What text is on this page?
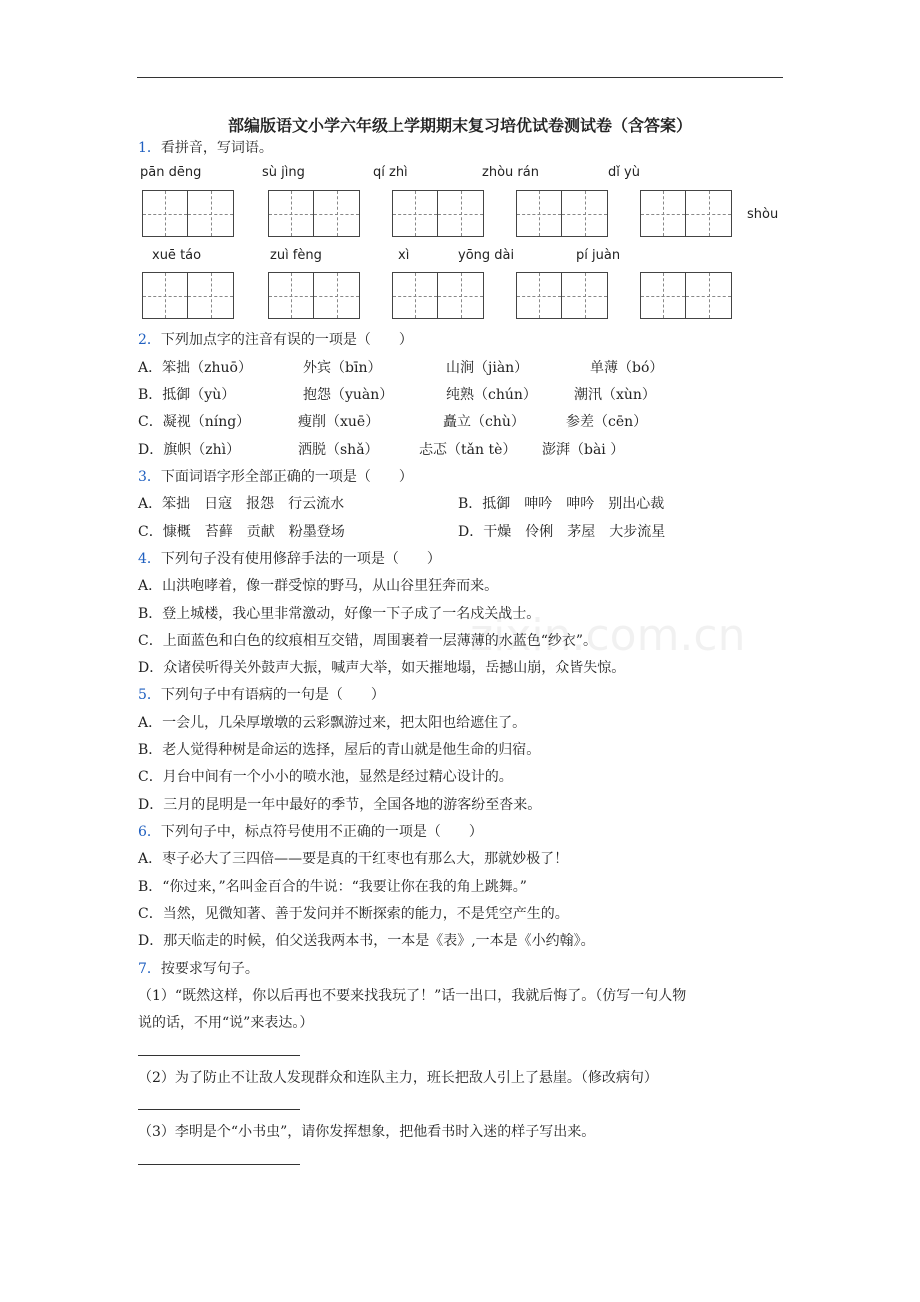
部编版语文小学六年级上学期期末复习培优试卷测试卷（含答案）
zixin.com.cn
1．看拼音，写词语。
pān dēng	sù jìng	qí zhì	zhòu rán	dǐ yù
shòu
xuē táo	zuì fèng	xì	yōng dài	pí juàn
2．下列加点字的注音有误的一项是（　　）
A．笨拙（zhuō）	外宾（bīn）	山涧（jiàn）	单薄（bó）
B．抵御（yù）	抱怨（yuàn）	纯熟（chún）	潮汛（xùn）
C．凝视（níng）	瘦削（xuē）	矗立（chù）	参差（cēn）
D．旗帜（zhì）	洒脱（shǎ）	忐忑（tǎn tè） 澎湃（bài ）
3．下面词语字形全部正确的一项是（　　）
A．笨拙　日寇　报怨　行云流水	B．抵御　呻吟　呻吟　别出心裁
C．慷概　苔藓　贡献　粉墨登场	D．干燥　伶俐　茅屋　大步流星
4．下列句子没有使用修辞手法的一项是（　　）
A．山洪咆哮着，像一群受惊的野马，从山谷里狂奔而来。
B．登上城楼，我心里非常激动，好像一下子成了一名戍关战士。
C．上面蓝色和白色的纹痕相互交错，周围裹着一层薄薄的水蓝色“纱衣”。
D．众诸侯听得关外鼓声大振，喊声大举，如天摧地塌，岳撼山崩，众皆失惊。
5．下列句子中有语病的一句是（　　）
A．一会儿，几朵厚墩墩的云彩飘游过来，把太阳也给遮住了。
B．老人觉得种树是命运的选择，屋后的青山就是他生命的归宿。
C．月台中间有一个小小的喷水池，显然是经过精心设计的。
D．三月的昆明是一年中最好的季节，全国各地的游客纷至沓来。
6．下列句子中，标点符号使用不正确的一项是（　　）
A．枣子必大了三四倍——要是真的干红枣也有那么大，那就妙极了！
B．“你过来，”名叫金百合的牛说：“我要让你在我的角上跳舞。”
C．当然，见微知著、善于发问并不断探索的能力，不是凭空产生的。
D．那天临走的时候，伯父送我两本书，一本是《表》,一本是《小约翰》。
7．按要求写句子。
（1）“既然这样，你以后再也不要来找我玩了！”话一出口，我就后悔了。（仿写一句人物
说的话，不用“说”来表达。）
（2）为了防止不让敌人发现群众和连队主力，班长把敌人引上了悬崖。（修改病句）
（3）李明是个“小书虫”，请你发挥想象，把他看书时入迷的样子写出来。
